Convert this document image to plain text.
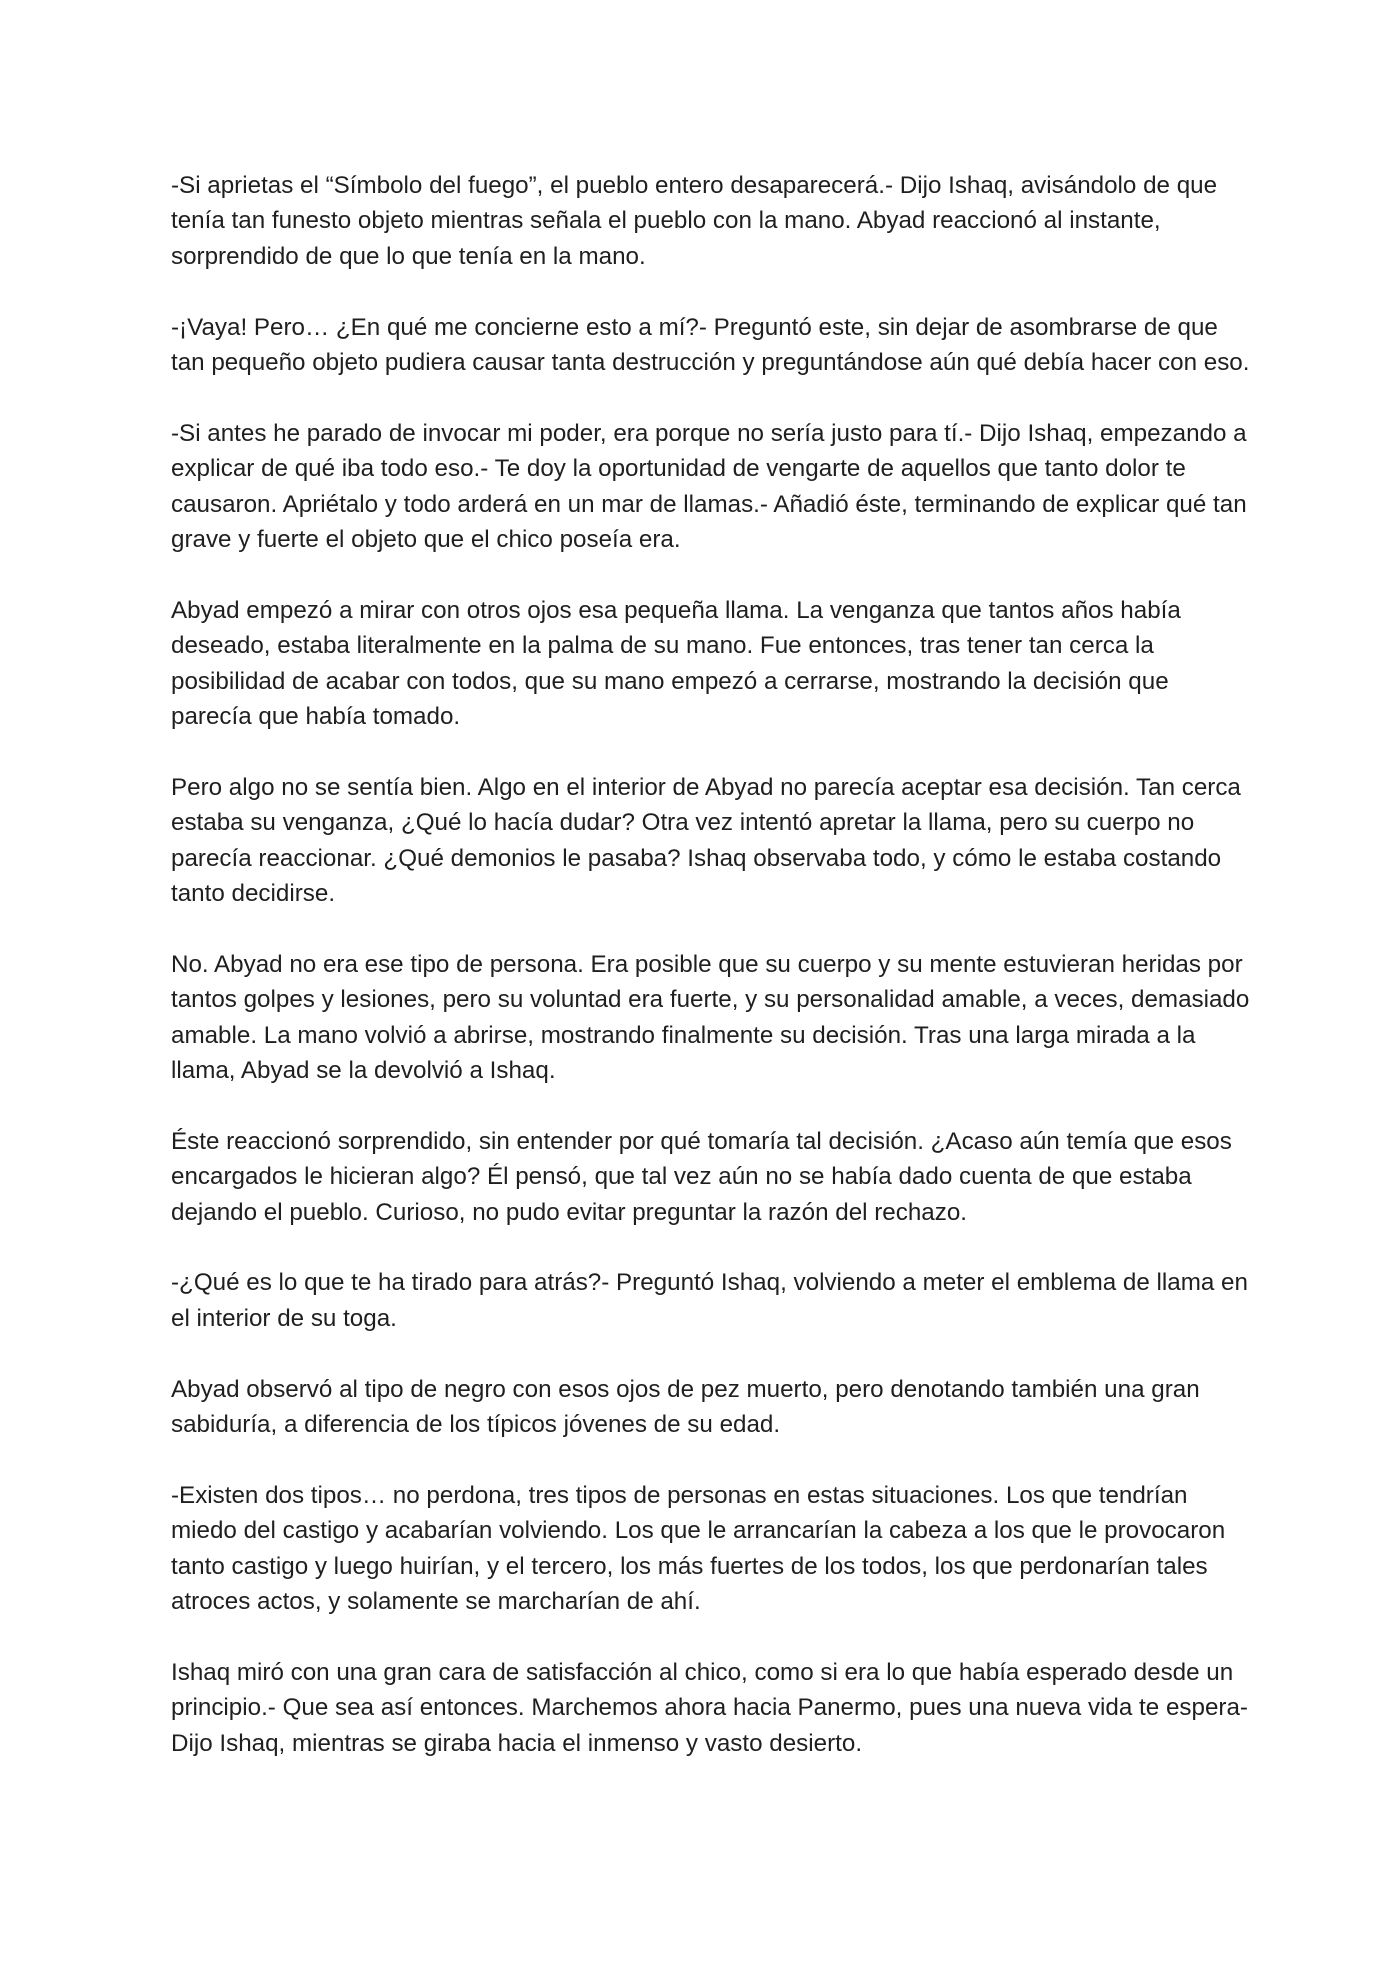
-Si aprietas el “Símbolo del fuego”, el pueblo entero desaparecerá.- Dijo Ishaq, avisándolo de que tenía tan funesto objeto mientras señala el pueblo con la mano. Abyad reaccionó al instante, sorprendido de que lo que tenía en la mano.

-¡Vaya! Pero… ¿En qué me concierne esto a mí?- Preguntó este, sin dejar de asombrarse de que tan pequeño objeto pudiera causar tanta destrucción y preguntándose aún qué debía hacer con eso.

-Si antes he parado de invocar mi poder, era porque no sería justo para tí.- Dijo Ishaq, empezando a explicar de qué iba todo eso.- Te doy la oportunidad de vengarte de aquellos que tanto dolor te causaron. Apriétalo y todo arderá en un mar de llamas.- Añadió éste, terminando de explicar qué tan grave y fuerte el objeto que el chico poseía era.

Abyad empezó a mirar con otros ojos esa pequeña llama. La venganza que tantos años había deseado, estaba literalmente en la palma de su mano. Fue entonces, tras tener tan cerca la posibilidad de acabar con todos, que su mano empezó a cerrarse, mostrando la decisión que parecía que había tomado.

Pero algo no se sentía bien. Algo en el interior de Abyad no parecía aceptar esa decisión. Tan cerca estaba su venganza, ¿Qué lo hacía dudar? Otra vez intentó apretar la llama, pero su cuerpo no parecía reaccionar. ¿Qué demonios le pasaba? Ishaq observaba todo, y cómo le estaba costando tanto decidirse.

No. Abyad no era ese tipo de persona. Era posible que su cuerpo y su mente estuvieran heridas por tantos golpes y lesiones, pero su voluntad era fuerte, y su personalidad amable, a veces, demasiado amable. La mano volvió a abrirse, mostrando finalmente su decisión. Tras una larga mirada a la llama, Abyad se la devolvió a Ishaq.

Éste reaccionó sorprendido, sin entender por qué tomaría tal decisión. ¿Acaso aún temía que esos encargados le hicieran algo? Él pensó, que tal vez aún no se había dado cuenta de que estaba dejando el pueblo. Curioso, no pudo evitar preguntar la razón del rechazo.

-¿Qué es lo que te ha tirado para atrás?- Preguntó Ishaq, volviendo a meter el emblema de llama en el interior de su toga.

Abyad observó al tipo de negro con esos ojos de pez muerto, pero denotando también una gran sabiduría, a diferencia de los típicos jóvenes de su edad.

-Existen dos tipos… no perdona, tres tipos de personas en estas situaciones. Los que tendrían miedo del castigo y acabarían volviendo. Los que le arrancarían la cabeza a los que le provocaron tanto castigo y luego huirían, y el tercero, los más fuertes de los todos, los que perdonarían tales atroces actos, y solamente se marcharían de ahí.

Ishaq miró con una gran cara de satisfacción al chico, como si era lo que había esperado desde un principio.- Que sea así entonces. Marchemos ahora hacia Panermo, pues una nueva vida te espera- Dijo Ishaq, mientras se giraba hacia el inmenso y vasto desierto.
